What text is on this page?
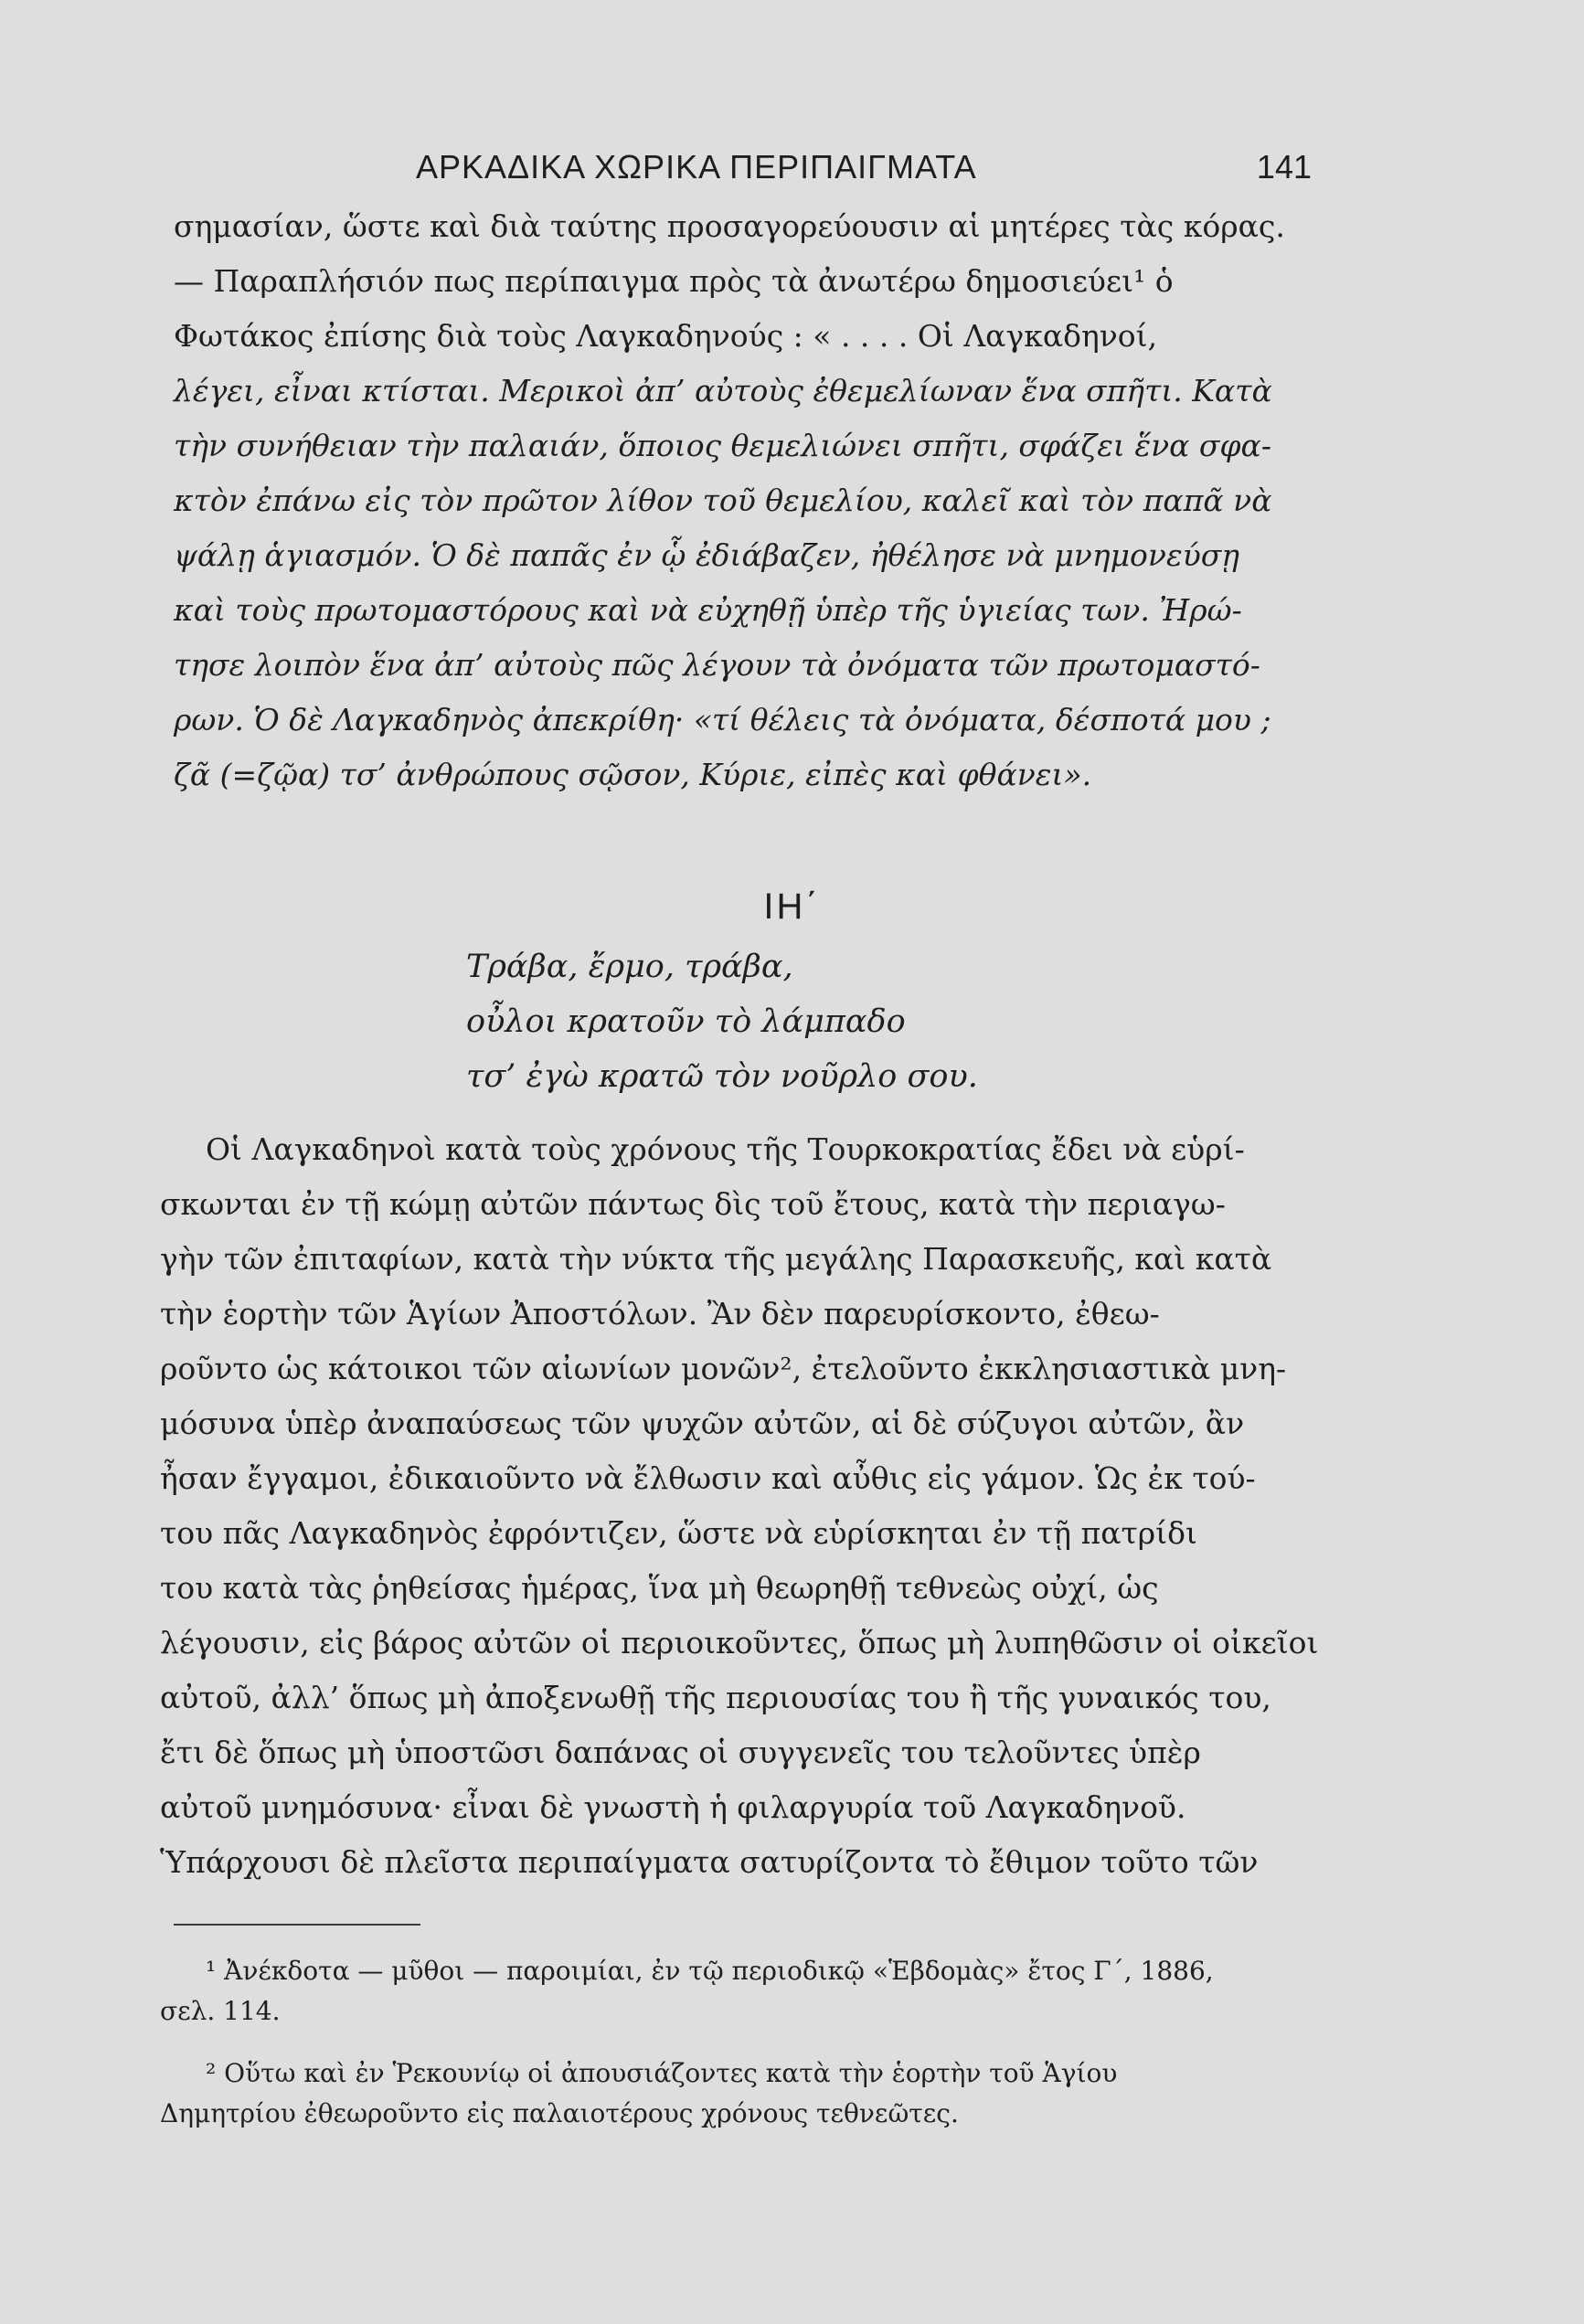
ΑΡΚΑΔΙΚΑ ΧΩΡΙΚΑ ΠΕΡΙΠΑΙΓΜΑΤΑ	141
σημασίαν, ὥστε καὶ διὰ ταύτης προσαγορεύουσιν αἱ μητέρες τὰς κόρας.
— Παραπλήσιόν πως περίπαιγμα πρὸς τὰ ἀνωτέρω δημοσιεύει¹ ὁ
Φωτάκος ἐπίσης διὰ τοὺς Λαγκαδηνούς : « . . . . Οἱ Λαγκαδηνοί,
λέγει, εἶναι κτίσται. Μερικοὶ ἀπ’ αὐτοὺς ἐθεμελίωναν ἕνα σπῆτι. Κατὰ
τὴν συνήθειαν τὴν παλαιάν, ὅποιος θεμελιώνει σπῆτι, σφάζει ἕνα σφα-
κτὸν ἐπάνω εἰς τὸν πρῶτον λίθον τοῦ θεμελίου, καλεῖ καὶ τὸν παπᾶ νὰ
ψάλῃ ἁγιασμόν. Ὁ δὲ παπᾶς ἐν ᾧ ἐδιάβαζεν, ἠθέλησε νὰ μνημονεύσῃ
καὶ τοὺς πρωτομαστόρους καὶ νὰ εὐχηθῇ ὑπὲρ τῆς ὑγιείας των. Ἠρώ-
τησε λοιπὸν ἕνα ἀπ’ αὐτοὺς πῶς λέγουν τὰ ὀνόματα τῶν πρωτομαστό-
ρων. Ὁ δὲ Λαγκαδηνὸς ἀπεκρίθη· «τί θέλεις τὰ ὀνόματα, δέσποτά μου ;
ζᾶ (=ζῷα) τσ’ ἀνθρώπους σῷσον, Κύριε, εἰπὲς καὶ φθάνει».
ΙΗ΄
Τράβα, ἔρμο, τράβα,
οὖλοι κρατοῦν τὸ λάμπαδο
τσ’ ἐγὼ κρατῶ τὸν νοῦρλο σου.
Οἱ Λαγκαδηνοὶ κατὰ τοὺς χρόνους τῆς Τουρκοκρατίας ἔδει νὰ εὑρί-
σκωνται ἐν τῇ κώμῃ αὐτῶν πάντως δὶς τοῦ ἔτους, κατὰ τὴν περιαγω-
γὴν τῶν ἐπιταφίων, κατὰ τὴν νύκτα τῆς μεγάλης Παρασκευῆς, καὶ κατὰ
τὴν ἑορτὴν τῶν Ἁγίων Ἀποστόλων. Ἂν δὲν παρευρίσκοντο, ἐθεω-
ροῦντο ὡς κάτοικοι τῶν αἰωνίων μονῶν², ἐτελοῦντο ἐκκλησιαστικὰ μνη-
μόσυνα ὑπὲρ ἀναπαύσεως τῶν ψυχῶν αὐτῶν, αἱ δὲ σύζυγοι αὐτῶν, ἂν
ἦσαν ἔγγαμοι, ἐδικαιοῦντο νὰ ἔλθωσιν καὶ αὖθις εἰς γάμον. Ὡς ἐκ τού-
του πᾶς Λαγκαδηνὸς ἐφρόντιζεν, ὥστε νὰ εὑρίσκηται ἐν τῇ πατρίδι
του κατὰ τὰς ῥηθείσας ἡμέρας, ἵνα μὴ θεωρηθῇ τεθνεὼς οὐχί, ὡς
λέγουσιν, εἰς βάρος αὐτῶν οἱ περιοικοῦντες, ὅπως μὴ λυπηθῶσιν οἱ οἰκεῖοι
αὐτοῦ, ἀλλ’ ὅπως μὴ ἀποξενωθῇ τῆς περιουσίας του ἢ τῆς γυναικός του,
ἔτι δὲ ὅπως μὴ ὑποστῶσι δαπάνας οἱ συγγενεῖς του τελοῦντες ὑπὲρ
αὐτοῦ μνημόσυνα· εἶναι δὲ γνωστὴ ἡ φιλαργυρία τοῦ Λαγκαδηνοῦ.
Ὑπάρχουσι δὲ πλεῖστα περιπαίγματα σατυρίζοντα τὸ ἔθιμον τοῦτο τῶν
¹ Ἀνέκδοτα — μῦθοι — παροιμίαι, ἐν τῷ περιοδικῷ «Ἑβδομὰς» ἔτος Γ΄, 1886,
σελ. 114.
² Οὕτω καὶ ἐν Ῥεκουνίῳ οἱ ἀπουσιάζοντες κατὰ τὴν ἑορτὴν τοῦ Ἁγίου
Δημητρίου ἐθεωροῦντο εἰς παλαιοτέρους χρόνους τεθνεῶτες.
